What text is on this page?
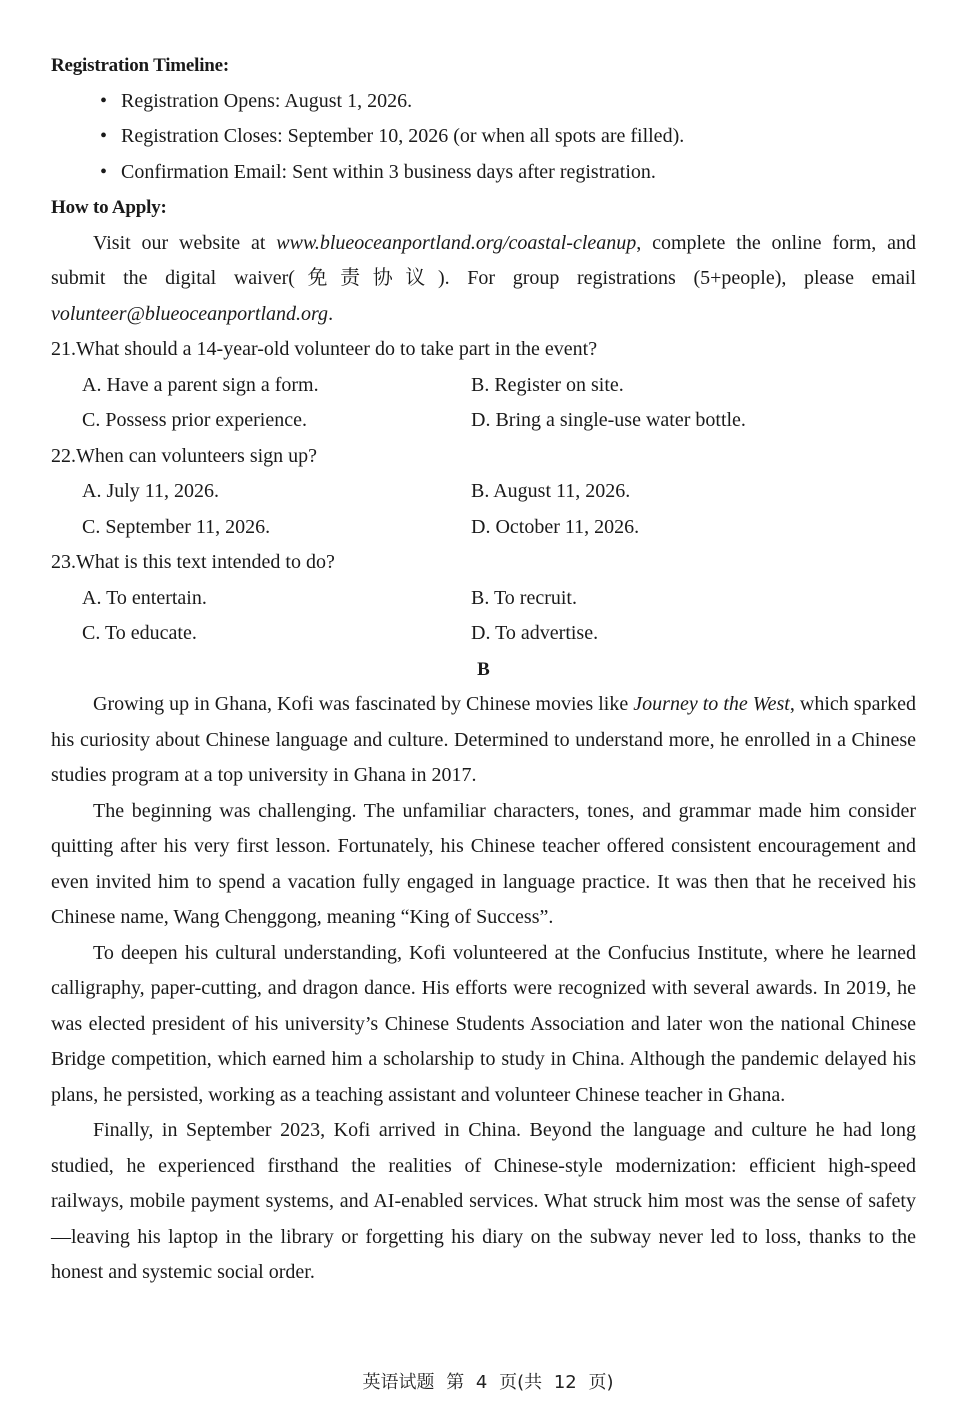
Registration Timeline:
• Registration Opens: August 1, 2026.
• Registration Closes: September 10, 2026 (or when all spots are filled).
• Confirmation Email: Sent within 3 business days after registration.
How to Apply:

Visit our website at www.blueoceanportland.org/coastal-cleanup, complete the online form, and submit the digital waiver(免责协议). For group registrations (5+people), please email volunteer@blueoceanportland.org.

21.What should a 14-year-old volunteer do to take part in the event?
A. Have a parent sign a form.	B. Register on site.
C. Possess prior experience.	D. Bring a single-use water bottle.
22.When can volunteers sign up?
A. July 11, 2026.	B. August 11, 2026.
C. September 11, 2026.	D. October 11, 2026.
23.What is this text intended to do?
A. To entertain.	B. To recruit.
C. To educate.	D. To advertise.
B

Growing up in Ghana, Kofi was fascinated by Chinese movies like Journey to the West, which sparked his curiosity about Chinese language and culture. Determined to understand more, he enrolled in a Chinese studies program at a top university in Ghana in 2017.

The beginning was challenging. The unfamiliar characters, tones, and grammar made him consider quitting after his very first lesson. Fortunately, his Chinese teacher offered consistent encouragement and even invited him to spend a vacation fully engaged in language practice. It was then that he received his Chinese name, Wang Chenggong, meaning “King of Success”.

To deepen his cultural understanding, Kofi volunteered at the Confucius Institute, where he learned calligraphy, paper-cutting, and dragon dance. His efforts were recognized with several awards. In 2019, he was elected president of his university’s Chinese Students Association and later won the national Chinese Bridge competition, which earned him a scholarship to study in China. Although the pandemic delayed his plans, he persisted, working as a teaching assistant and volunteer Chinese teacher in Ghana.

Finally, in September 2023, Kofi arrived in China. Beyond the language and culture he had long studied, he experienced firsthand the realities of Chinese-style modernization: efficient high-speed railways, mobile payment systems, and AI-enabled services. What struck him most was the sense of safety—leaving his laptop in the library or forgetting his diary on the subway never led to loss, thanks to the honest and systemic social order.

英语试题 第 4 页(共 12 页)
